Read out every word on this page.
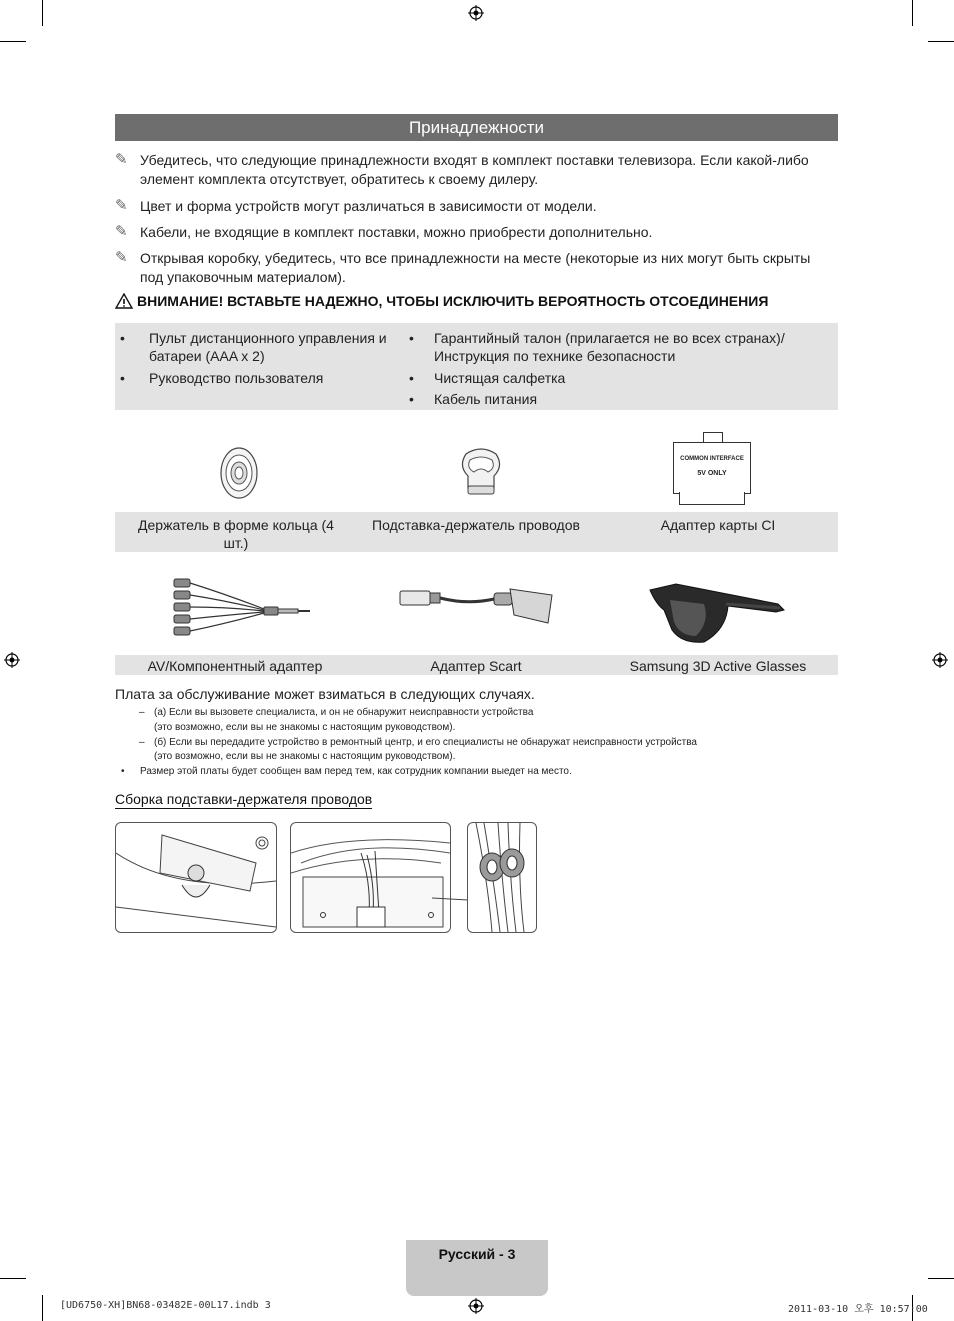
Принадлежности
✎ Убедитесь, что следующие принадлежности входят в комплект поставки телевизора. Если какой-либо элемент комплекта отсутствует, обратитесь к своему дилеру.
✎ Цвет и форма устройств могут различаться в зависимости от модели.
✎ Кабели, не входящие в комплект поставки, можно приобрести дополнительно.
✎ Открывая коробку, убедитесь, что все принадлежности на месте (некоторые из них могут быть скрыты под упаковочным материалом).
ВНИМАНИЕ! ВСТАВЬТЕ НАДЕЖНО, ЧТОБЫ ИСКЛЮЧИТЬ ВЕРОЯТНОСТЬ ОТСОЕДИНЕНИЯ
•	Пульт дистанционного управления и батареи (AAA x 2)
•	Руководство пользователя
•	Гарантийный талон (прилагается не во всех странах)/ Инструкция по технике безопасности
•	Чистящая салфетка
•	Кабель питания
COMMON INTERFACE
5V ONLY
Держатель в форме кольца (4 шт.)
Подставка-держатель проводов	Адаптер карты CI
AV/Компонентный адаптер	Адаптер Scart	Samsung 3D Active Glasses
Плата за обслуживание может взиматься в следующих случаях.
– (а) Если вы вызовете специалиста, и он не обнаружит неисправности устройства
(это возможно, если вы не знакомы с настоящим руководством).
– (б) Если вы передадите устройство в ремонтный центр, и его специалисты не обнаружат неисправности устройства
(это возможно, если вы не знакомы с настоящим руководством).
• Размер этой платы будет сообщен вам перед тем, как сотрудник компании выедет на место.
Сборка подставки-держателя проводов
Русский - 3
[UD6750-XH]BN68-03482E-00L17.indb 3	2011-03-10 오후 10:57:00
